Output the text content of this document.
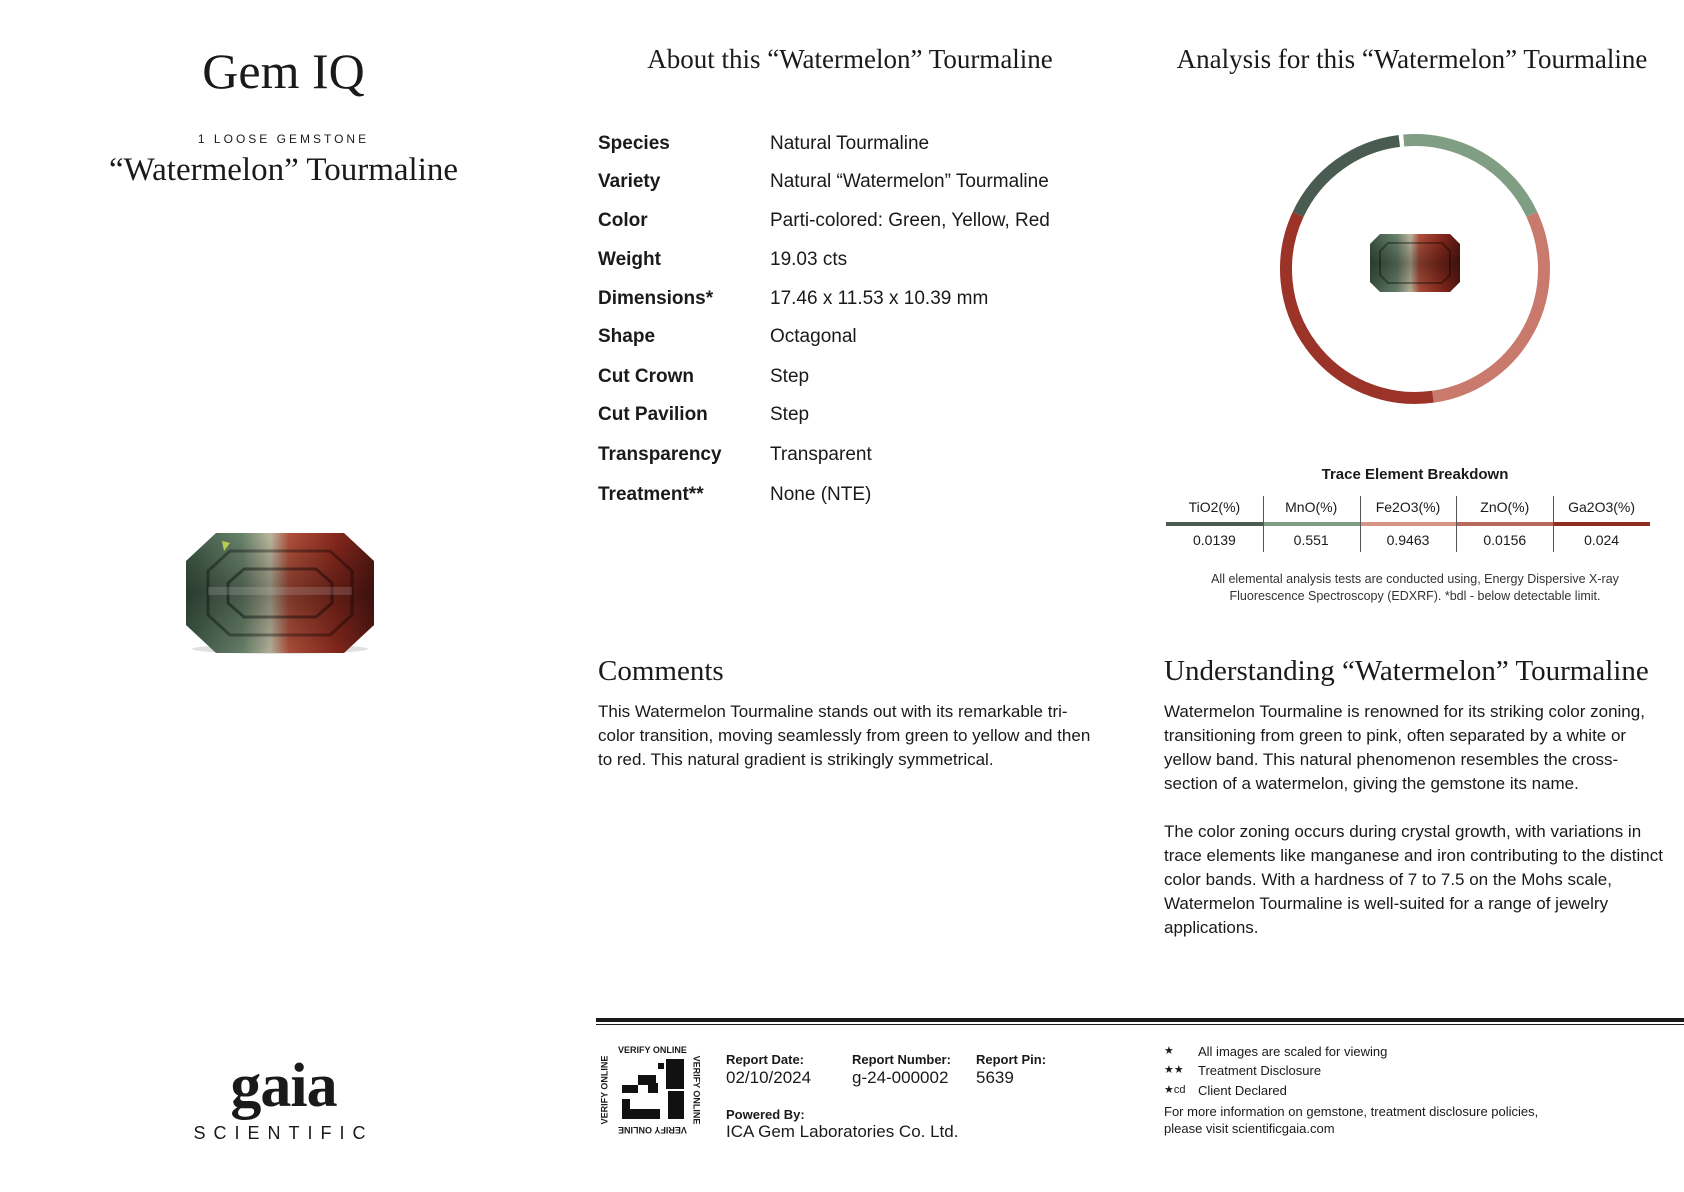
Gem IQ
1 LOOSE GEMSTONE
“Watermelon” Tourmaline
gaia
SCIENTIFIC
About this “Watermelon” Tourmaline
Species	Natural Tourmaline
Variety	Natural “Watermelon” Tourmaline
Color	Parti-colored: Green, Yellow, Red
Weight	19.03 cts
Dimensions*	17.46 x 11.53 x 10.39 mm
Shape	Octagonal
Cut Crown	Step
Cut Pavilion	Step
Transparency	Transparent
Treatment**	None (NTE)
Analysis for this “Watermelon” Tourmaline
Trace Element Breakdown
TiO2(%)	MnO(%)	Fe2O3(%)	ZnO(%)	Ga2O3(%)
0.0139	0.551	0.9463	0.0156	0.024
All elemental analysis tests are conducted using, Energy Dispersive X-ray
Fluorescence Spectroscopy (EDXRF). *bdl - below detectable limit.
Comments
This Watermelon Tourmaline stands out with its remarkable tri-color transition, moving seamlessly from green to yellow and then to red. This natural gradient is strikingly symmetrical.
Understanding “Watermelon” Tourmaline
Watermelon Tourmaline is renowned for its striking color zoning, transitioning from green to pink, often separated by a white or yellow band. This natural phenomenon resembles the cross-section of a watermelon, giving the gemstone its name.
The color zoning occurs during crystal growth, with variations in trace elements like manganese and iron contributing to the distinct color bands. With a hardness of 7 to 7.5 on the Mohs scale, Watermelon Tourmaline is well-suited for a range of jewelry applications.
VERIFY ONLINE
VERIFY ONLINE
VERIFY ONLINE	VERIFY ONLINE Report Date:
02/10/2024
Report Number:
g-24-000002
Report Pin:
5639
Powered By:
ICA Gem Laboratories Co. Ltd.
★ All images are scaled for viewing
★★ Treatment Disclosure
★cd Client Declared
For more information on gemstone, treatment disclosure policies,
please visit scientificgaia.com
